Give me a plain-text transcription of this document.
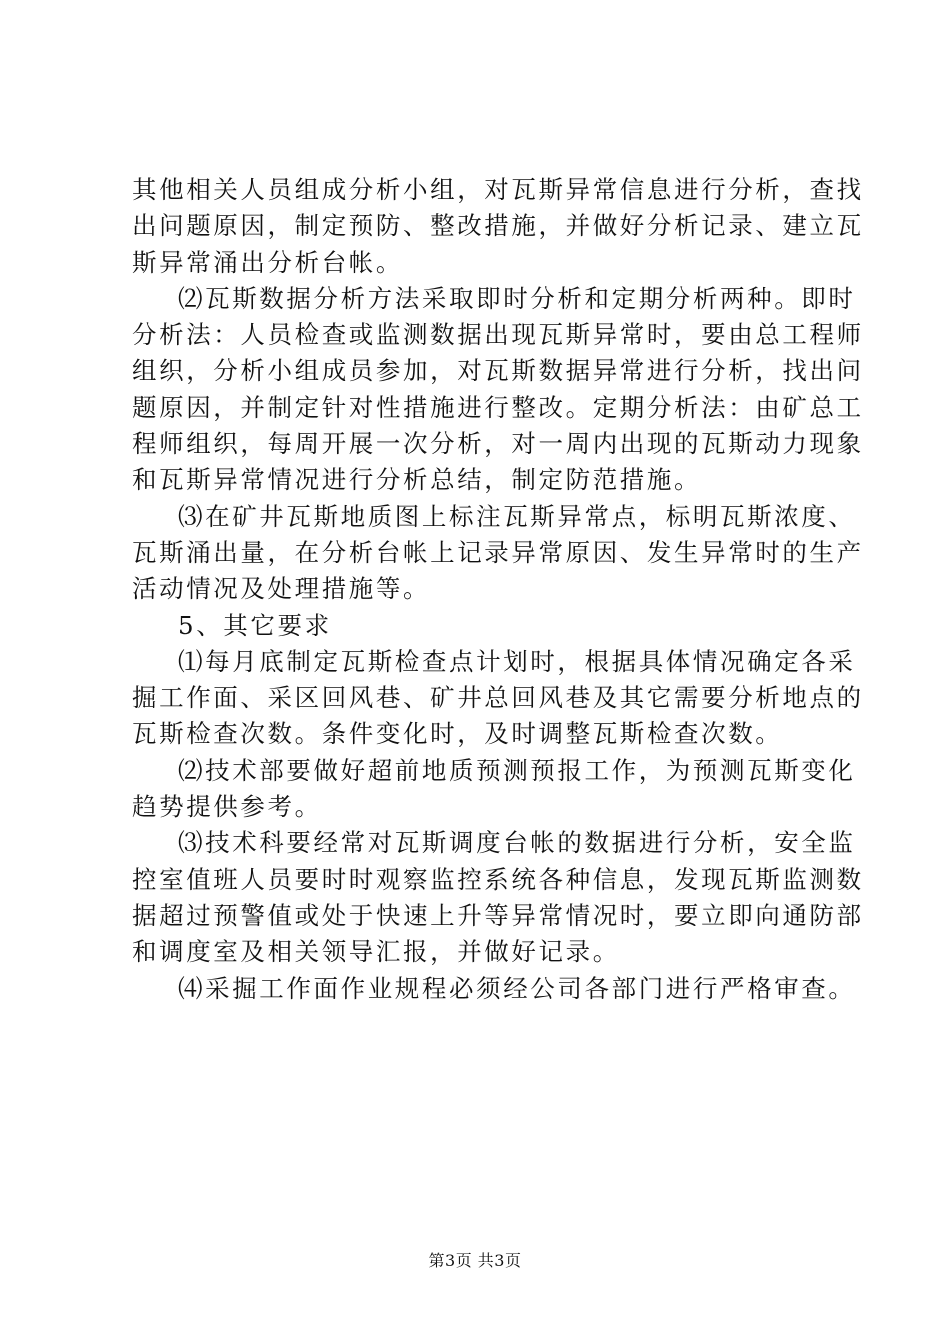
其他相关人员组成分析小组，对瓦斯异常信息进行分析，查找
出问题原因，制定预防、整改措施，并做好分析记录、建立瓦
斯异常涌出分析台帐。
⑵瓦斯数据分析方法采取即时分析和定期分析两种。即时
分析法：人员检查或监测数据出现瓦斯异常时，要由总工程师
组织，分析小组成员参加，对瓦斯数据异常进行分析，找出问
题原因，并制定针对性措施进行整改。定期分析法：由矿总工
程师组织，每周开展一次分析，对一周内出现的瓦斯动力现象
和瓦斯异常情况进行分析总结，制定防范措施。
⑶在矿井瓦斯地质图上标注瓦斯异常点，标明瓦斯浓度、
瓦斯涌出量，在分析台帐上记录异常原因、发生异常时的生产
活动情况及处理措施等。
5、其它要求
⑴每月底制定瓦斯检查点计划时，根据具体情况确定各采
掘工作面、采区回风巷、矿井总回风巷及其它需要分析地点的
瓦斯检查次数。条件变化时，及时调整瓦斯检查次数。
⑵技术部要做好超前地质预测预报工作，为预测瓦斯变化
趋势提供参考。
⑶技术科要经常对瓦斯调度台帐的数据进行分析，安全监
控室值班人员要时时观察监控系统各种信息，发现瓦斯监测数
据超过预警值或处于快速上升等异常情况时，要立即向通防部
和调度室及相关领导汇报，并做好记录。
⑷采掘工作面作业规程必须经公司各部门进行严格审查。
第3页 共3页
